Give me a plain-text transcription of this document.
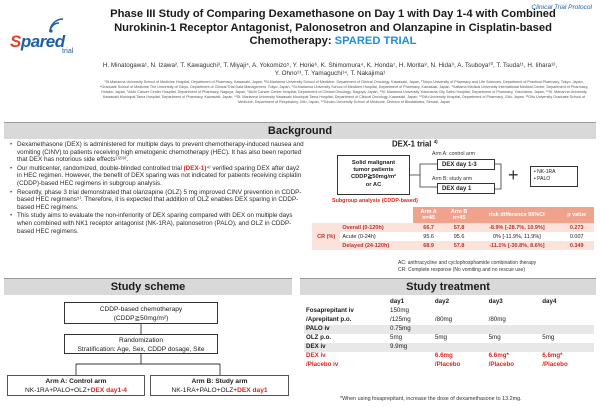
Spared
trial
Clinical Trial Protocol
Phase III Study of Comparing Dexamethasone on Day 1 with Day 1-4 with Combined Nurokinin-1 Receptor Antagonist, Palonosetron and Olanzapine in Cisplatin-based Chemotherapy: SPARED TRIAL
H. Minatogawa¹, N. Izawa², T. Kawaguchi³, T. Miyaji⁴, A. Yokomizo⁵, Y. Horie⁶, K. Shimomura⁴, K. Honda⁷, H. Morita⁸, N. Hida⁹, A. Tsuboya¹⁰, T. Tsuda¹¹, H. Iihara¹², Y. Ohno¹³, T. Yamaguchi¹⁴, T. Nakajima¹
¹St.Marianna University School of Medicine Hospital, Department of Pharmacy, Kawasaki, Japan, ²St.Marianna University School of Medicine, Department of Clinical Oncology, Kawasaki, Japan, ³Tokyo University of Pharmacy and Life Sciences, Department of Practical Pharmacy, Tokyo, Japan, ⁴Graduate School of Medicine The University of Tokyo, Department of Clinical Trial Data Management, Tokyo, Japan, ⁵St.Marianna University School of Medicine Hospital, Department of Pharmacy, Kawasaki, Japan, ⁶Saitama Medical University International Medical Center, Department of Pharmacy, Hidaka, Japan, ⁷Aichi Cancer Center Hospital, Department of Pharmacy, Nagoya, Japan, ⁸Aichi Cancer Center Hospital, Department of Clinical Oncology, Nagoya, Japan, ⁹St. Marianna University Yokohama City Seibu Hospital, Department of Pharmacy, Yokohama, Japan, ¹⁰St. Marianna University Kawasaki Municipal Tama Hospital, Department of Pharmacy, Kawasaki, Japan, ¹¹St. Marianna University Kawasaki Municipal Tama Hospital, Department of Clinical Oncology, Kawasaki, Japan, ¹²Gifu University Hospital, Department of Pharmacy, Gifu, Japan, ¹³Gifu University Graduate School of Medicine, Department of Respiratory, Gifu, Japan, ¹⁴Tohoku University School of Medicine, Division of Biostatistics, Sendai, Japan
Background
• Dexamethasone (DEX) is administered for multiple days to prevent chemotherapy-induced nausea and vomiting (CINV) to patients receiving high emetogenic chemotherapy (HEC). It has also been reported that DEX has notorious side effects¹⁾²⁾³⁾.
• Our multicenter, randomized, double-blinded controlled trial (DEX-1)⁴⁾ verified sparing DEX after day2 in HEC regimen. However, the benefit of DEX sparing was not indicated for patients receiving cisplatin (CDDP)-based HEC regimens in subgroup analysis.
• Recently, phase 3 trial demonstrated that olanzapine (OLZ) 5 mg improved CINV prevention in CDDP-based HEC regimens⁵⁾. Therefore, it is expected that addition of OLZ enables DEX sparing in CDDP-based HEC regimens.
• This study aims to evaluate the non-inferiority of DEX sparing compared with DEX on multiple days when combined with NK1 receptor antagonist (NK-1RA), palonosetron (PALO), and OLZ in CDDP-based HEC regimens.
DEX-1 trial $^{4)}$
Solid malignant
tumor patients
CDDP≧50mg/m²
or AC
Arm A: control arm
DEX day 1-3
Arm B: study arm
DEX day 1
+	• NK-1RA
• PALO
Subgroup analysis (CDDP-based)
		Arm A
n=45	Arm B
n=45	risk difference 95%CI	p value
CR (%)	Overall (0-120h)	66.7	57.8	-8.9% [-28.7%, 10.9%]	0.273
	Acute (0-24h)	95.6	95.6	0% [-11.9%, 11.9%]	0.007
	Delayed (24-120h)	68.9	57.8	-11.1% [-30.8%, 8.6%]	0.349
AC: anthracycline and cyclophosphamide combination therapy
CR: Complete response (No vomiting and no rescue use)
Study scheme
CDDP-based chemotherapy
(CDDP≧50mg/m²)
Randomization
Stratification: Age, Sex, CDDP dosage, Site
Arm A: Control arm
NK-1RA+PALO+OLZ+DEX day1-4
Arm B: Study arm
NK-1RA+PALO+OLZ+DEX day1
Study treatment
	day1	day2	day3	day4
Fosaprepitant iv	150mg			
/Aprepitant p.o.	/125mg	/80mg	/80mg	
PALO iv	0.75mg			
OLZ p.o.	5mg	5mg	5mg	5mg
DEX iv	9.9mg			
DEX iv		6.6mg	6.6mg*	6.6mg*
/Placebo iv		/Placebo	/Placebo	/Placebo
*When using fosaprepitant, increase the dose of dexamethasone to 13.2mg.
